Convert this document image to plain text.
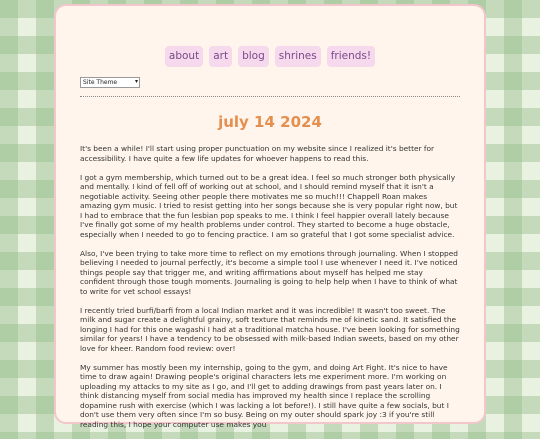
about art blog shrines friends!
Site Theme	▾
july 14 2024

It's been a while! I'll start using proper punctuation on my website since I realized it's better for accessibility. I have quite a few life updates for whoever happens to read this.

I got a gym membership, which turned out to be a great idea. I feel so much stronger both physically and mentally. I kind of fell off of working out at school, and I should remind myself that it isn't a negotiable activity. Seeing other people there motivates me so much!!! Chappell Roan makes amazing gym music. I tried to resist getting into her songs because she is very popular right now, but I had to embrace that the fun lesbian pop speaks to me. I think I feel happier overall lately because I've finally got some of my health problems under control. They started to become a huge obstacle, especially when I needed to go to fencing practice. I am so grateful that I got some specialist advice.

Also, I've been trying to take more time to reflect on my emotions through journaling. When I stopped believing I needed to journal perfectly, it's become a simple tool I use whenever I need it. I've noticed things people say that trigger me, and writing affirmations about myself has helped me stay confident through those tough moments. Journaling is going to help help when I have to think of what to write for vet school essays!

I recently tried burfi/barfi from a local Indian market and it was incredible! It wasn't too sweet. The milk and sugar create a delightful grainy, soft texture that reminds me of kinetic sand. It satisfied the longing I had for this one wagashi I had at a traditional matcha house. I've been looking for something similar for years! I have a tendency to be obsessed with milk-based Indian sweets, based on my other love for kheer. Random food review: over!

My summer has mostly been my internship, going to the gym, and doing Art Fight. It's nice to have time to draw again! Drawing people's original characters lets me experiment more. I'm working on uploading my attacks to my site as I go, and I'll get to adding drawings from past years later on. I think distancing myself from social media has improved my health since I replace the scrolling dopamine rush with exercise (which I was lacking a lot before!). I still have quite a few socials, but I don't use them very often since I'm so busy. Being on my outer should spark joy :3 if you're still reading this, I hope your computer use makes you
